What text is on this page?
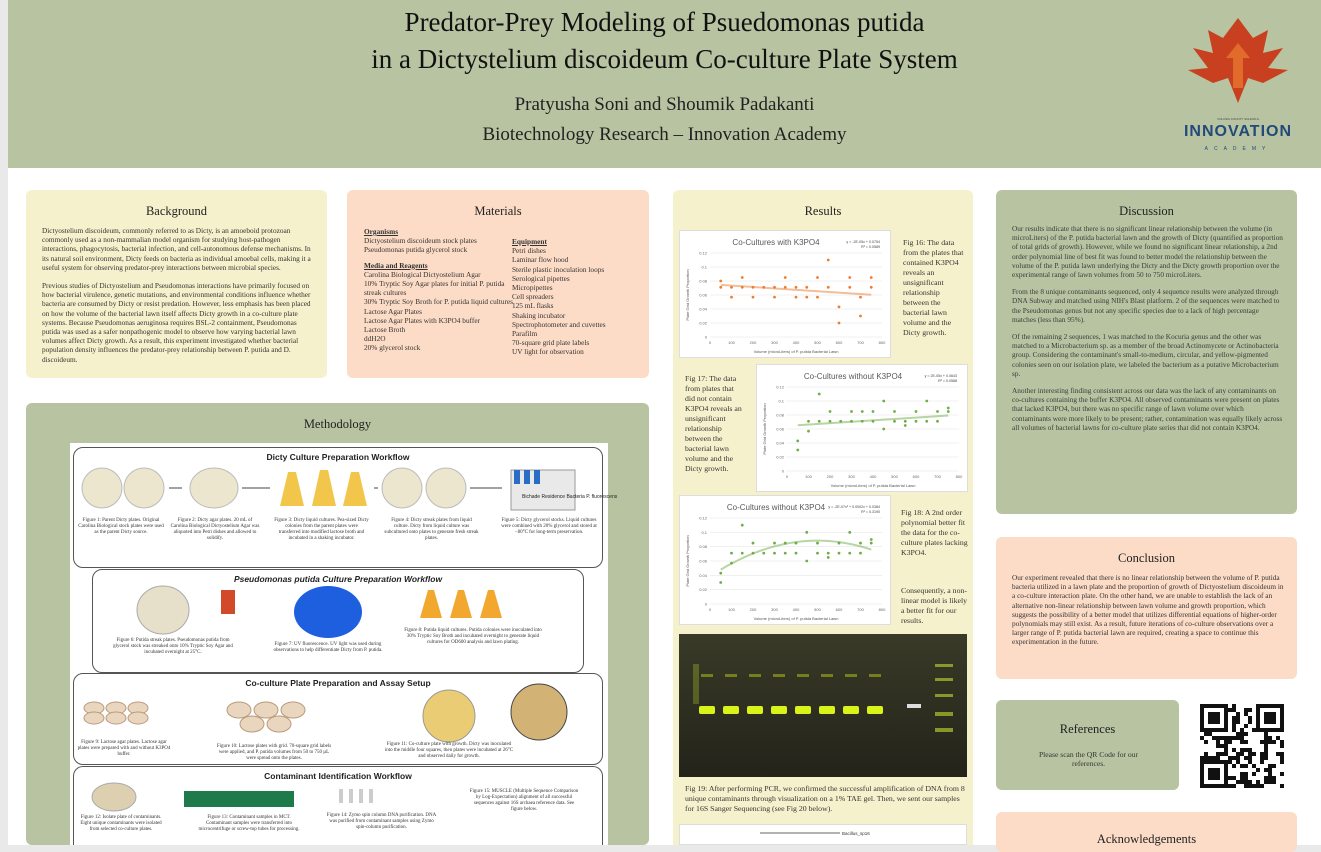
Predator-Prey Modeling of Psuedomonas putida
in a Dictystelium discoideum Co-culture Plate System
Pratyusha Soni and Shoumik Padakanti
Biotechnology Research – Innovation Academy
VOLUSIA COUNTY SCHOOLS
INNOVATION
ACADEMY
Background

Dictyostelium discoideum, commonly referred to as Dicty, is an amoeboid protozoan commonly used as a non-mammalian model organism for studying host-pathogen interactions, phagocytosis, bacterial infection, and cell-autonomous defense mechanisms. In its natural soil environment, Dicty feeds on bacteria as individual amoebal cells, making it a useful system for observing predator-prey interactions between microbial species.

Previous studies of Dictyostelium and Pseudomonas interactions have primarily focused on how bacterial virulence, genetic mutations, and environmental conditions influence whether bacteria are consumed by Dicty or resist predation. However, less emphasis has been placed on how the volume of the bacterial lawn itself affects Dicty growth in a co-culture plate systems. Because Pseudomonas aeruginosa requires BSL-2 containment, Pseudomonas putida was used as a safer nonpathogenic model to observe how varying bacterial lawn volumes affect Dicty growth. As a result, this experiment investigated whether bacterial population density influences the predator-prey relationship between P. putida and D. discoideum.

Materials
Organisms
Dictyostelium discoideum stock plates
Pseudomonas putida glycerol stock
Media and Reagents
Carolina Biological Dictyostelium Agar
10% Tryptic Soy Agar plates for initial P. putida streak cultures
30% Tryptic Soy Broth for P. putida liquid cultures
Lactose Agar Plates
Lactose Agar Plates with K3PO4 buffer
Lactose Broth
ddH2O
20% glycerol stock
Equipment
Petri dishes
Laminar flow hood
Sterile plastic inoculation loops
Serological pipettes
Micropipettes
Cell spreaders
125 mL flasks
Shaking incubator
Spectrophotometer and cuvettes
Parafilm
70-square grid plate labels
UV light for observation
Methodology
Dicty Culture Preparation Workflow
Bichade Residence Bacteria P. fluorescens
Figure 1: Parent Dicty plates. Original Carolina Biological stock plates were used as the parent Dicty source.
Figure 2: Dicty agar plates. 20 mL of Carolina Biological Dictyostelium Agar was aliquoted into Petri dishes and allowed to solidify.
Figure 3: Dicty liquid cultures. Pea-sized Dicty colonies from the parent plates were transferred into modified lactose broth and incubated in a shaking incubator.
Figure 4: Dicty streak plates from liquid culture. Dicty from liquid culture was subcultured onto plates to generate fresh streak plates.
Figure 5: Dicty glycerol stocks. Liquid cultures were combined with 20% glycerol and stored at −80°C for long-term preservation.
Pseudomonas putida Culture Preparation Workflow
Figure 6: Putida streak plates. Pseudomonas putida from glycerol stock was streaked onto 10% Tryptic Soy Agar and incubated overnight at 25°C.
Figure 7: UV fluorescence. UV light was used during observations to help differentiate Dicty from P. putida.
Figure 8: Putida liquid cultures. Putida colonies were inoculated into 30% Tryptic Soy Broth and incubated overnight to generate liquid cultures for OD600 analysis and lawn plating.
Co-culture Plate Preparation and Assay Setup
Figure 9: Lactose agar plates. Lactose agar plates were prepared with and without K3PO4 buffer.
Figure 10: Lactose plates with grid. 70-square grid labels were applied, and P. putida volumes from 50 to 750 µL were spread onto the plates.
Figure 11: Co-culture plate with growth. Dicty was inoculated into the middle four squares, then plates were incubated at 26°C and observed daily for growth.
Contaminant Identification Workflow
Figure 12: Isolate plate of contaminants. Eight unique contaminants were isolated from selected co-culture plates.
Figure 13: Contaminant samples in MCT. Contaminant samples were transferred into microcentrifuge or screw-top tubes for processing.
Figure 14: Zymo spin column DNA purification. DNA was purified from contaminant samples using Zymo spin-column purification.
Figure 15: MUSCLE (Multiple Sequence Comparison by Log-Expectation) alignment of all successful sequences against 16S archaea reference data. See figure below.
Results
Co-Cultures with K3PO4	y = -2E-05x + 0.0754
R² = 0.0589
0
0.02
0.04
0.06
0.08
0.1
0.12
0	100	200	300	400	500	600	700	800
Volume (microLiters) of P. putida Bacterial Lawn
Plate Grid Growth Proportion
Fig 16: The data from the plates that contained K3PO4 reveals an unsignificant relationship between the bacterial lawn volume and the Dicty growth.
Fig 17: The data from plates that did not contain K3PO4 reveals an unsignificant relationship between the bacterial lawn volume and the Dicty growth.
Co-Cultures without K3PO4	y = 2E-05x + 0.0643
R² = 0.0588
0
0.02
0.04
0.06
0.08
0.1
0.12
0	100	200	300	400	500	600	700	800
Volume (microLiters) of P. putida Bacterial Lawn
Plate Grid Growth Proportion
Co-Cultures without K3PO4 y = -2E-07x² + 0.0002x + 0.0384
R² = 0.3190
0
0.02
0.04
0.06
0.08
0.1
0.12
0	100	200	300	400	500	600	700	800
Volume (microLiters) of P. putida Bacterial Lawn
Plate Grid Growth Proportion
Fig 18: A 2nd order polynomial better fit the data for the co-culture plates lacking K3PO4.
Consequently, a non-linear model is likely a better fit for our results.
Fig 19: After performing PCR, we confirmed the successful amplification of DNA from 8 unique contaminants through visualization on a 1% TAE gel. Then, we sent our samples for 16S Sanger Sequencing (see Fig 20 below).
Bacillus_sp16
Discussion

Our results indicate that there is no significant linear relationship between the volume (in microLiters) of the P. putida bacterial lawn and the growth of Dicty (quantified as proportion of total grids of growth). However, while we found no significant linear relationship, a 2nd order polynomial line of best fit was found to better model the relationship between the volume of the P. putida lawn underlying the Dicty and the Dicty growth proportion over the experimental range of lawn volumes from 50 to 750 microLiters.

From the 8 unique contaminants sequenced, only 4 sequence results were analyzed through DNA Subway and matched using NIH's Blast platform. 2 of the sequences were matched to the Pseudomonas genus but not any specific species due to a lack of high percentage matches (less than 95%).

Of the remaining 2 sequences, 1 was matched to the Kocuria genus and the other was matched to a Microbacterium sp. as a member of the broad Actinomycete or Actinobacteria group. Considering the contaminant's small-to-medium, circular, and yellow-pigmented colonies seen on our isolation plate, we labeled the bacterium as a putative Microbacterium sp.

Another interesting finding consistent across our data was the lack of any contaminants on co-cultures containing the buffer K3PO4. All observed contaminants were present on plates that lacked K3PO4, but there was no specific range of lawn volume over which contaminants were more likely to be present; rather, contamination was equally likely across all volumes of bacterial lawns for co-culture plate series that did not contain K3PO4.

Conclusion
Our experiment revealed that there is no linear relationship between the volume of P. putida bacteria utilized in a lawn plate and the proportion of growth of Dictyostelium discoideum in a co-culture interaction plate. On the other hand, we are unable to establish the lack of an alternative non-linear relationship between lawn volume and growth proportion, which suggests the possibility of a better model that utilizes differential equations of higher-order polynomials may still exist. As a result, future iterations of co-culture observations over a larger range of P. putida bacterial lawn are required, creating a space to continue this experimentation in the future.
References
Please scan the QR Code for our references.
Acknowledgements
